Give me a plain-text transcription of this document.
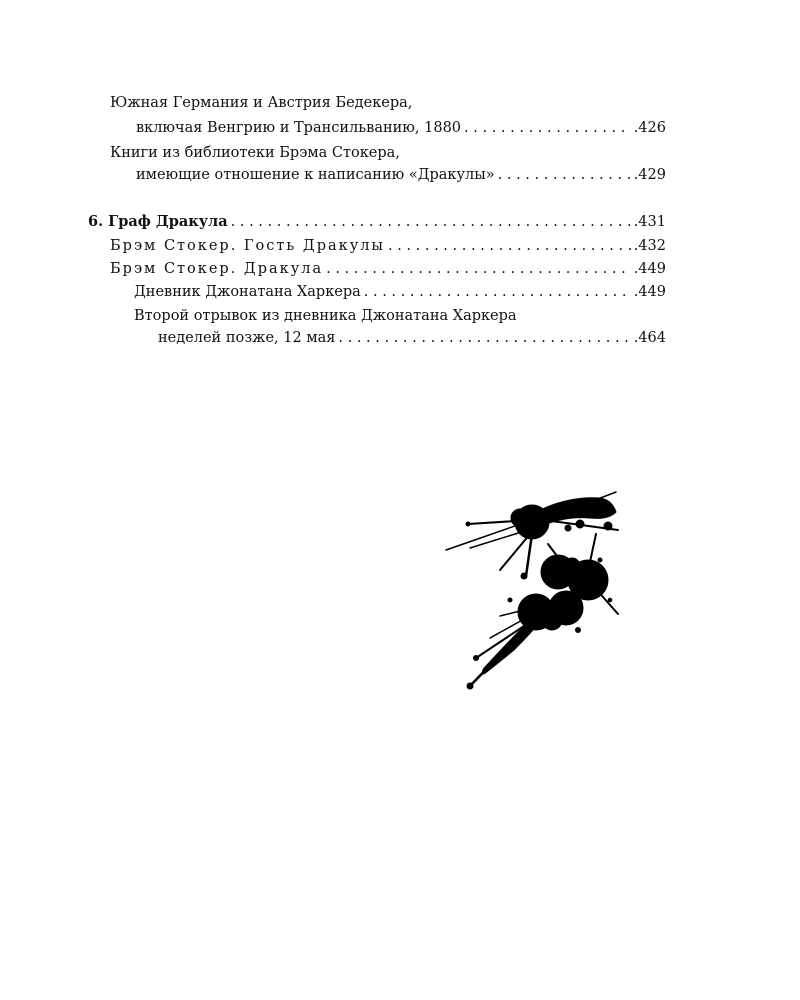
Южная Германия и Австрия Бедекера,
включая Венгрию и Трансильванию, 1880 . . .	.426
Книги из библиотеки Брэма Стокера,
имеющие отношение к написанию «Дракулы» . . .	.429
6. Граф Дракула . . .	.431
Брэм Стокер. Гость Дракулы . . .	.432
Брэм Стокер. Дракула . . .	.449
Дневник Джонатана Харкера . . .	.449
Второй отрывок из дневника Джонатана Харкера
неделей позже, 12 мая . . .	.464
